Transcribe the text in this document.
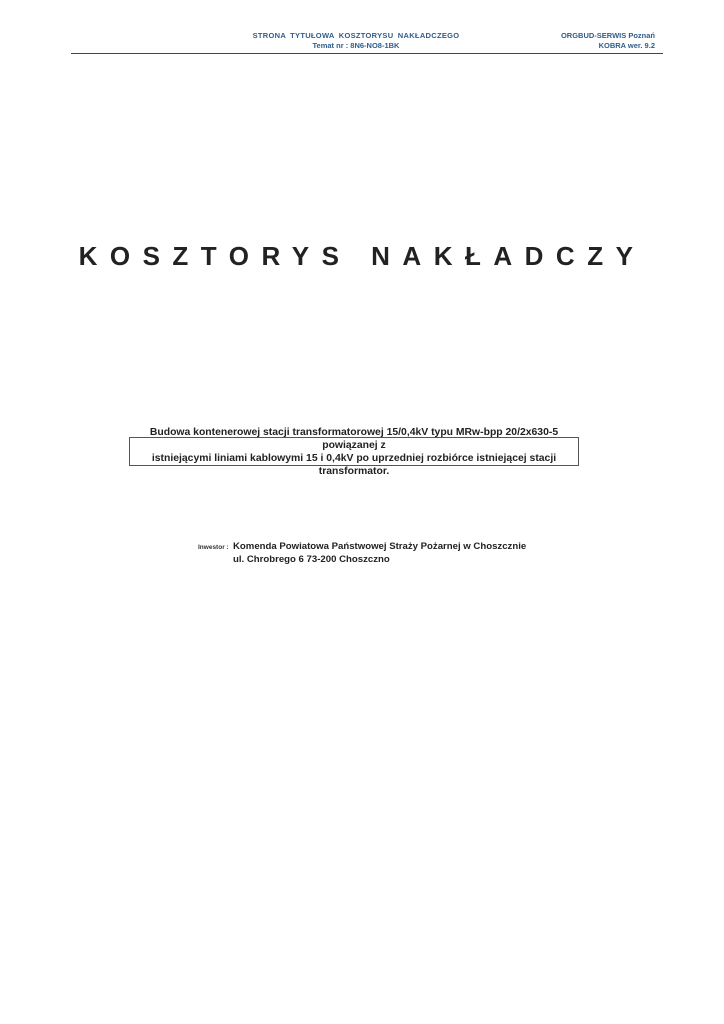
STRONA TYTUŁOWA KOSZTORYSU NAKŁADCZEGO
Temat nr : 8N6-NO8-1BK
ORGBUD-SERWIS Poznań
KOBRA wer. 9.2
KOSZTORYS NAKŁADCZY
Budowa kontenerowej stacji transformatorowej 15/0,4kV typu MRw-bpp 20/2x630-5 powiązanej z
istniejącymi liniami kablowymi 15 i 0,4kV po uprzedniej rozbiórce istniejącej stacji transformator.
Inwestor : Komenda Powiatowa Państwowej Straży Pożarnej w Choszcznie
ul. Chrobrego 6 73-200 Choszczno
